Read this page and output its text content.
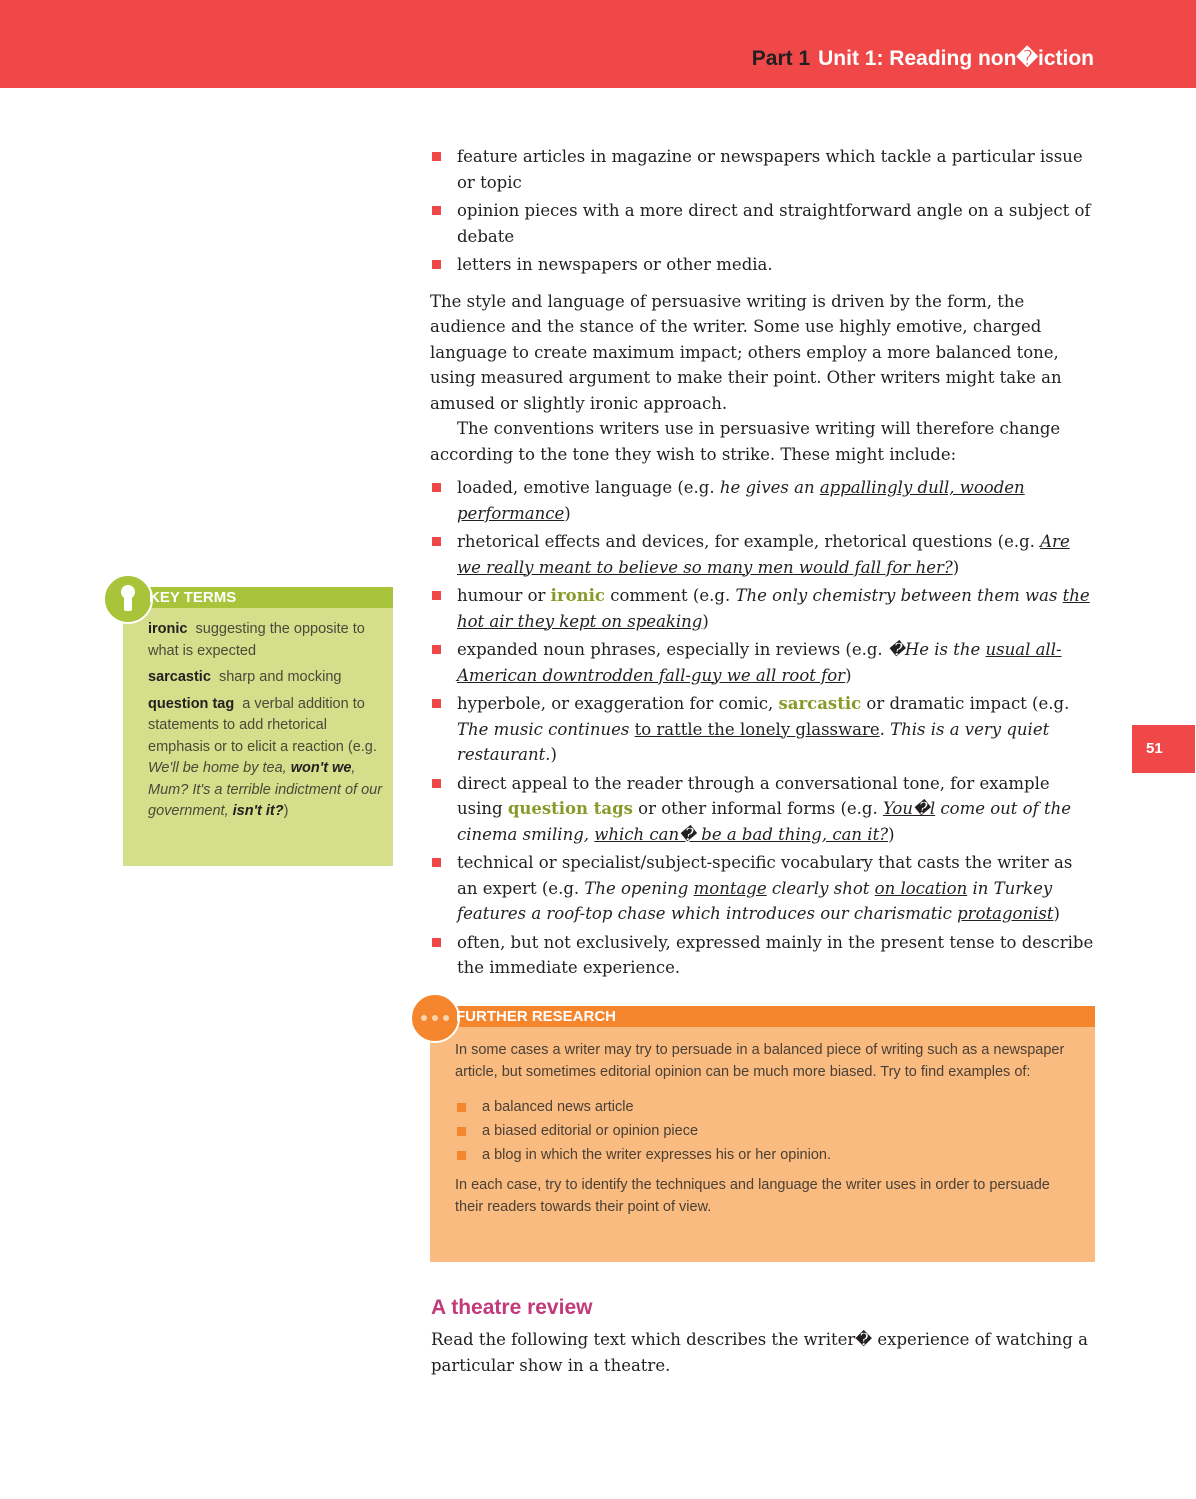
Part 1 Unit 1: Reading non�iction
51
feature articles in magazine or newspapers which tackle a particular issue or topic
opinion pieces with a more direct and straightforward angle on a subject of debate
letters in newspapers or other media.

The style and language of persuasive writing is driven by the form, the audience and the stance of the writer. Some use highly emotive, charged language to create maximum impact; others employ a more balanced tone, using measured argument to make their point. Other writers might take an amused or slightly ironic approach.

The conventions writers use in persuasive writing will therefore change according to the tone they wish to strike. These might include:

loaded, emotive language (e.g. he gives an appallingly dull, wooden performance)
rhetorical effects and devices, for example, rhetorical questions (e.g. Are we really meant to believe so many men would fall for her?)
humour or ironic comment (e.g. The only chemistry between them was the hot air they kept on speaking)
expanded noun phrases, especially in reviews (e.g. �He is the usual all-American downtrodden fall-guy we all root for)
hyperbole, or exaggeration for comic, sarcastic or dramatic impact (e.g. The music continues to rattle the lonely glassware. This is a very quiet restaurant.)
direct appeal to the reader through a conversational tone, for example using question tags or other informal forms (e.g. You�l come out of the cinema smiling, which can� be a bad thing, can it?)
technical or specialist/subject-specific vocabulary that casts the writer as an expert (e.g. The opening montage clearly shot on location in Turkey features a roof-top chase which introduces our charismatic protagonist)
often, but not exclusively, expressed mainly in the present tense to describe the immediate experience.
KEY TERMS

ironic suggesting the opposite to what is expected

sarcastic sharp and mocking

question tag a verbal addition to statements to add rhetorical emphasis or to elicit a reaction (e.g. We'll be home by tea, won't we, Mum? It's a terrible indictment of our government, isn't it?)

FURTHER RESEARCH

In some cases a writer may try to persuade in a balanced piece of writing such as a newspaper article, but sometimes editorial opinion can be much more biased. Try to find examples of:

a balanced news article
a biased editorial or opinion piece
a blog in which the writer expresses his or her opinion.

In each case, try to identify the techniques and language the writer uses in order to persuade their readers towards their point of view.

A theatre review

Read the following text which describes the writer� experience of watching a particular show in a theatre.
